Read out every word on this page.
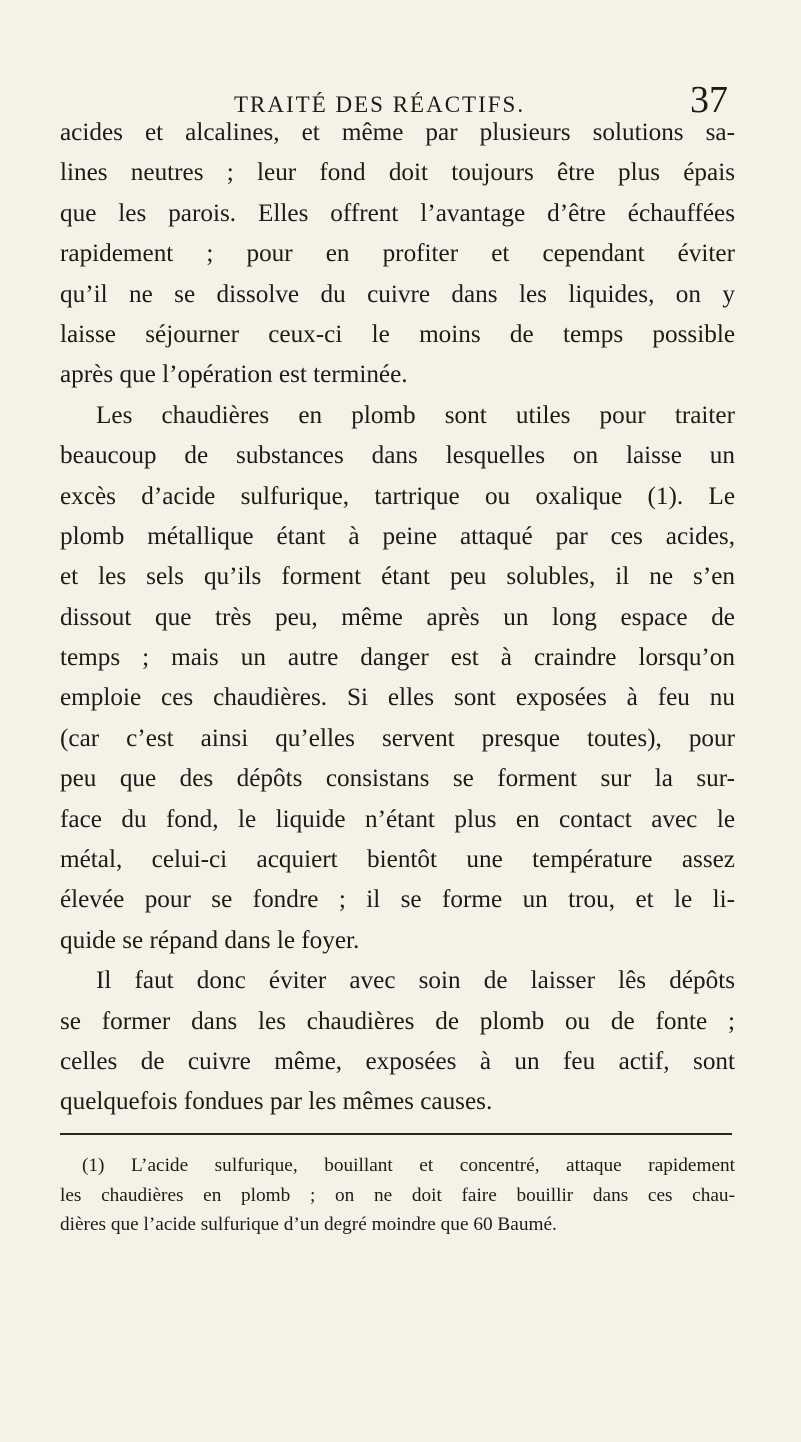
TRAITÉ DES RÉACTIFS.	37
acides et alcalines, et même par plusieurs solutions sa-
lines neutres ; leur fond doit toujours être plus épais
que les parois. Elles offrent l’avantage d’être échauffées
rapidement ; pour en profiter et cependant éviter
qu’il ne se dissolve du cuivre dans les liquides, on y
laisse séjourner ceux-ci le moins de temps possible
après que l’opération est terminée.
Les chaudières en plomb sont utiles pour traiter
beaucoup de substances dans lesquelles on laisse un
excès d’acide sulfurique, tartrique ou oxalique (1). Le
plomb métallique étant à peine attaqué par ces acides,
et les sels qu’ils forment étant peu solubles, il ne s’en
dissout que très peu, même après un long espace de
temps ; mais un autre danger est à craindre lorsqu’on
emploie ces chaudières. Si elles sont exposées à feu nu
(car c’est ainsi qu’elles servent presque toutes), pour
peu que des dépôts consistans se forment sur la sur-
face du fond, le liquide n’étant plus en contact avec le
métal, celui-ci acquiert bientôt une température assez
élevée pour se fondre ; il se forme un trou, et le li-
quide se répand dans le foyer.
Il faut donc éviter avec soin de laisser lês dépôts
se former dans les chaudières de plomb ou de fonte ;
celles de cuivre même, exposées à un feu actif, sont
quelquefois fondues par les mêmes causes.
(1) L’acide sulfurique, bouillant et concentré, attaque rapidement
les chaudières en plomb ; on ne doit faire bouillir dans ces chau-
dières que l’acide sulfurique d’un degré moindre que 60 Baumé.
